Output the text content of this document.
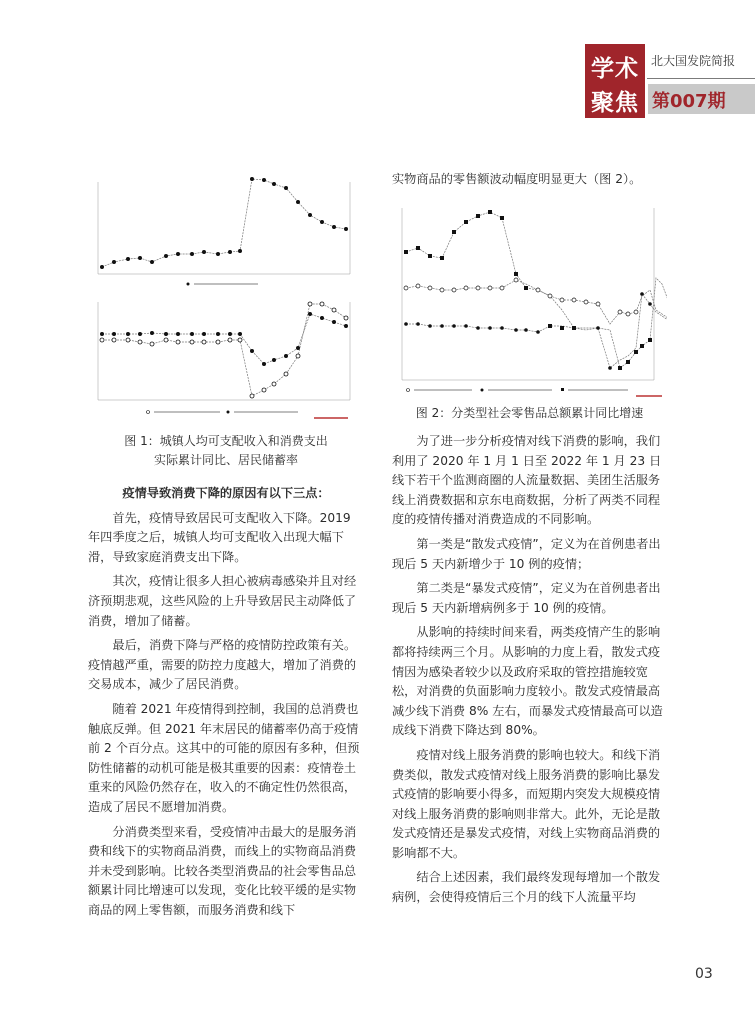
学术
聚焦
北大国发院简报
第007期
图 1：城镇人均可支配收入和消费支出
实际累计同比、居民储蓄率
实物商品的零售额波动幅度明显更大（图 2）。
图 2：分类型社会零售品总额累计同比增速

疫情导致消费下降的原因有以下三点：

首先，疫情导致居民可支配收入下降。2019 年四季度之后，城镇人均可支配收入出现大幅下滑，导致家庭消费支出下降。

其次，疫情让很多人担心被病毒感染并且对经济预期悲观，这些风险的上升导致居民主动降低了消费，增加了储蓄。

最后，消费下降与严格的疫情防控政策有关。疫情越严重，需要的防控力度越大，增加了消费的交易成本，减少了居民消费。

随着 2021 年疫情得到控制，我国的总消费也触底反弹。但 2021 年末居民的储蓄率仍高于疫情前 2 个百分点。这其中的可能的原因有多种，但预防性储蓄的动机可能是极其重要的因素：疫情卷土重来的风险仍然存在，收入的不确定性仍然很高，造成了居民不愿增加消费。

分消费类型来看，受疫情冲击最大的是服务消费和线下的实物商品消费，而线上的实物商品消费并未受到影响。比较各类型消费品的社会零售品总额累计同比增速可以发现，变化比较平缓的是实物商品的网上零售额，而服务消费和线下

为了进一步分析疫情对线下消费的影响，我们利用了 2020 年 1 月 1 日至 2022 年 1 月 23 日线下若干个监测商圈的人流量数据、美团生活服务线上消费数据和京东电商数据，分析了两类不同程度的疫情传播对消费造成的不同影响。

第一类是“散发式疫情”，定义为在首例患者出现后 5 天内新增少于 10 例的疫情；

第二类是“暴发式疫情”，定义为在首例患者出现后 5 天内新增病例多于 10 例的疫情。

从影响的持续时间来看，两类疫情产生的影响都将持续两三个月。从影响的力度上看，散发式疫情因为感染者较少以及政府采取的管控措施较宽松，对消费的负面影响力度较小。散发式疫情最高减少线下消费 8% 左右，而暴发式疫情最高可以造成线下消费下降达到 80%。

疫情对线上服务消费的影响也较大。和线下消费类似，散发式疫情对线上服务消费的影响比暴发式疫情的影响要小得多，而短期内突发大规模疫情对线上服务消费的影响则非常大。此外，无论是散发式疫情还是暴发式疫情，对线上实物商品消费的影响都不大。

结合上述因素，我们最终发现每增加一个散发病例，会使得疫情后三个月的线下人流量平均

03
